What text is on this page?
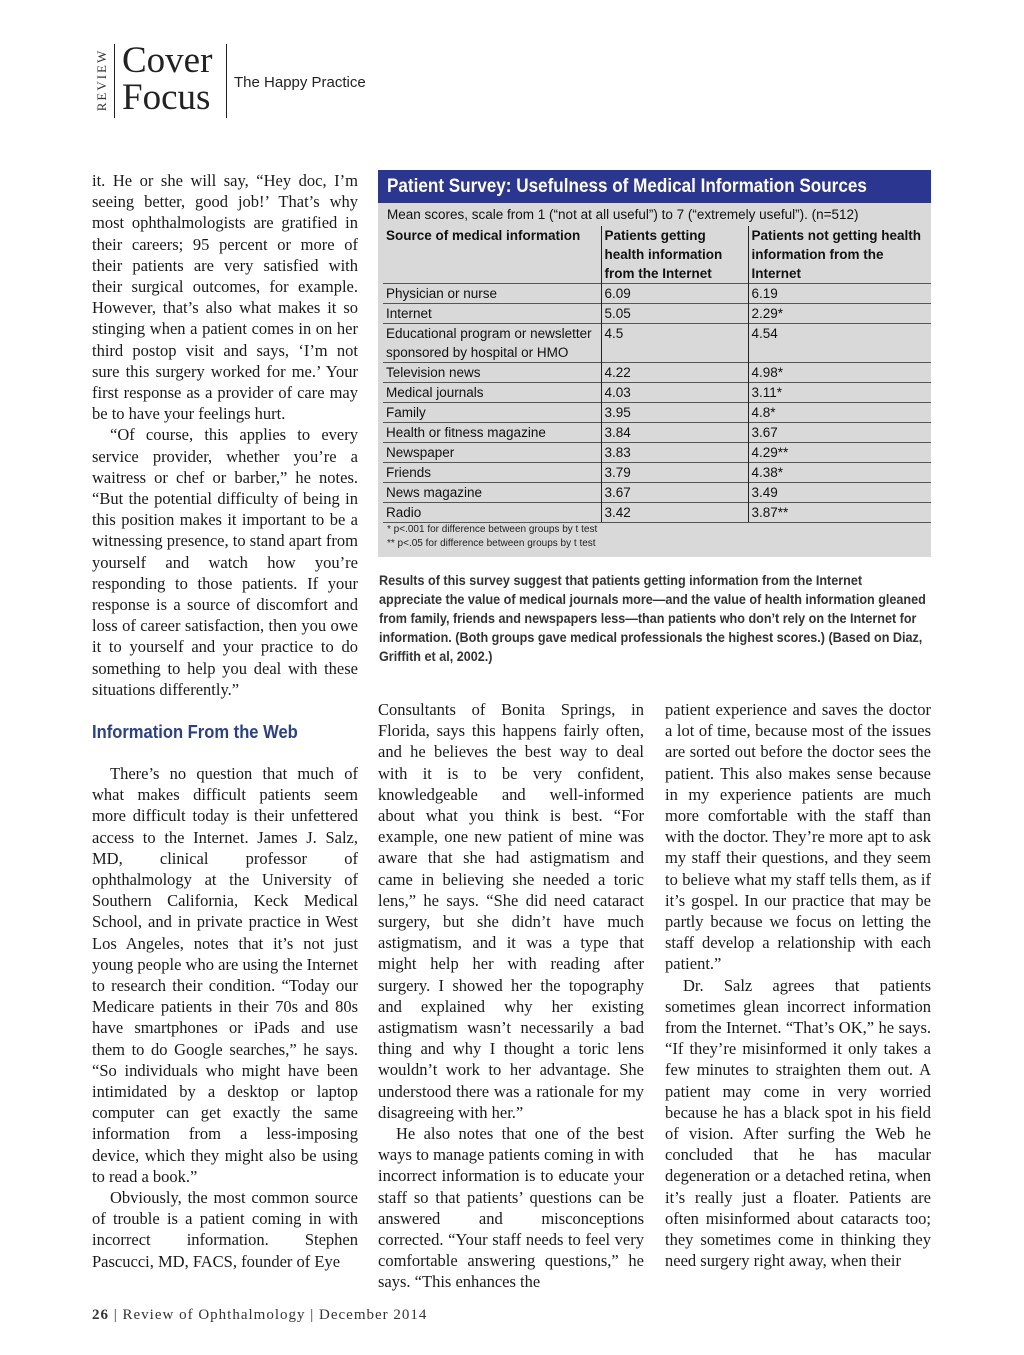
REVIEW Cover
Focus The Happy Practice

it. He or she will say, “Hey doc, I’m seeing better, good job!’ That’s why most ophthalmologists are gratified in their careers; 95 percent or more of their patients are very satisfied with their surgical outcomes, for example. However, that’s also what makes it so stinging when a patient comes in on her third postop visit and says, ‘I’m not sure this surgery worked for me.’ Your first response as a provider of care may be to have your feelings hurt.

“Of course, this applies to every service provider, whether you’re a waitress or chef or barber,” he notes. “But the potential difficulty of being in this position makes it important to be a witnessing presence, to stand apart from yourself and watch how you’re responding to those patients. If your response is a source of discomfort and loss of career satisfaction, then you owe it to yourself and your practice to do something to help you deal with these situations differently.”

Information From the Web

There’s no question that much of what makes difficult patients seem more difficult today is their unfettered access to the Internet. James J. Salz, MD, clinical professor of ophthalmology at the University of Southern California, Keck Medical School, and in private practice in West Los Angeles, notes that it’s not just young people who are using the Internet to research their condition. “Today our Medicare patients in their 70s and 80s have smartphones or iPads and use them to do Google searches,” he says. “So individuals who might have been intimidated by a desktop or laptop computer can get exactly the same information from a less-imposing device, which they might also be using to read a book.”

Obviously, the most common source of trouble is a patient coming in with incorrect information. Stephen Pascucci, MD, FACS, founder of Eye

Consultants of Bonita Springs, in Florida, says this happens fairly often, and he believes the best way to deal with it is to be very confident, knowledgeable and well-informed about what you think is best. “For example, one new patient of mine was aware that she had astigmatism and came in believing she needed a toric lens,” he says. “She did need cataract surgery, but she didn’t have much astigmatism, and it was a type that might help her with reading after surgery. I showed her the topography and explained why her existing astigmatism wasn’t necessarily a bad thing and why I thought a toric lens wouldn’t work to her advantage. She understood there was a rationale for my disagreeing with her.”

He also notes that one of the best ways to manage patients coming in with incorrect information is to educate your staff so that patients’ questions can be answered and misconceptions corrected. “Your staff needs to feel very comfortable answering questions,” he says. “This enhances the

patient experience and saves the doctor a lot of time, because most of the issues are sorted out before the doctor sees the patient. This also makes sense because in my experience patients are much more comfortable with the staff than with the doctor. They’re more apt to ask my staff their questions, and they seem to believe what my staff tells them, as if it’s gospel. In our practice that may be partly because we focus on letting the staff develop a relationship with each patient.”

Dr. Salz agrees that patients sometimes glean incorrect information from the Internet. “That’s OK,” he says. “If they’re misinformed it only takes a few minutes to straighten them out. A patient may come in very worried because he has a black spot in his field of vision. After surfing the Web he concluded that he has macular degeneration or a detached retina, when it’s really just a floater. Patients are often misinformed about cataracts too; they sometimes come in thinking they need surgery right away, when their

Patient Survey: Usefulness of Medical Information Sources
Mean scores, scale from 1 (“not at all useful”) to 7 (“extremely useful”). (n=512)
Source of medical information	Patients getting health information from the Internet	Patients not getting health information from the Internet
Physician or nurse	6.09	6.19
Internet	5.05	2.29*
Educational program or newsletter sponsored by hospital or HMO	4.5	4.54
Television news	4.22	4.98*
Medical journals	4.03	3.11*
Family	3.95	4.8*
Health or fitness magazine	3.84	3.67
Newspaper	3.83	4.29**
Friends	3.79	4.38*
News magazine	3.67	3.49
Radio	3.42	3.87**
* p<.001 for difference between groups by t test
** p<.05 for difference between groups by t test
Results of this survey suggest that patients getting information from the Internet appreciate the value of medical journals more—and the value of health information gleaned from family, friends and newspapers less—than patients who don’t rely on the Internet for information. (Both groups gave medical professionals the highest scores.) (Based on Diaz, Griffith et al, 2002.)
26 | Review of Ophthalmology | December 2014
